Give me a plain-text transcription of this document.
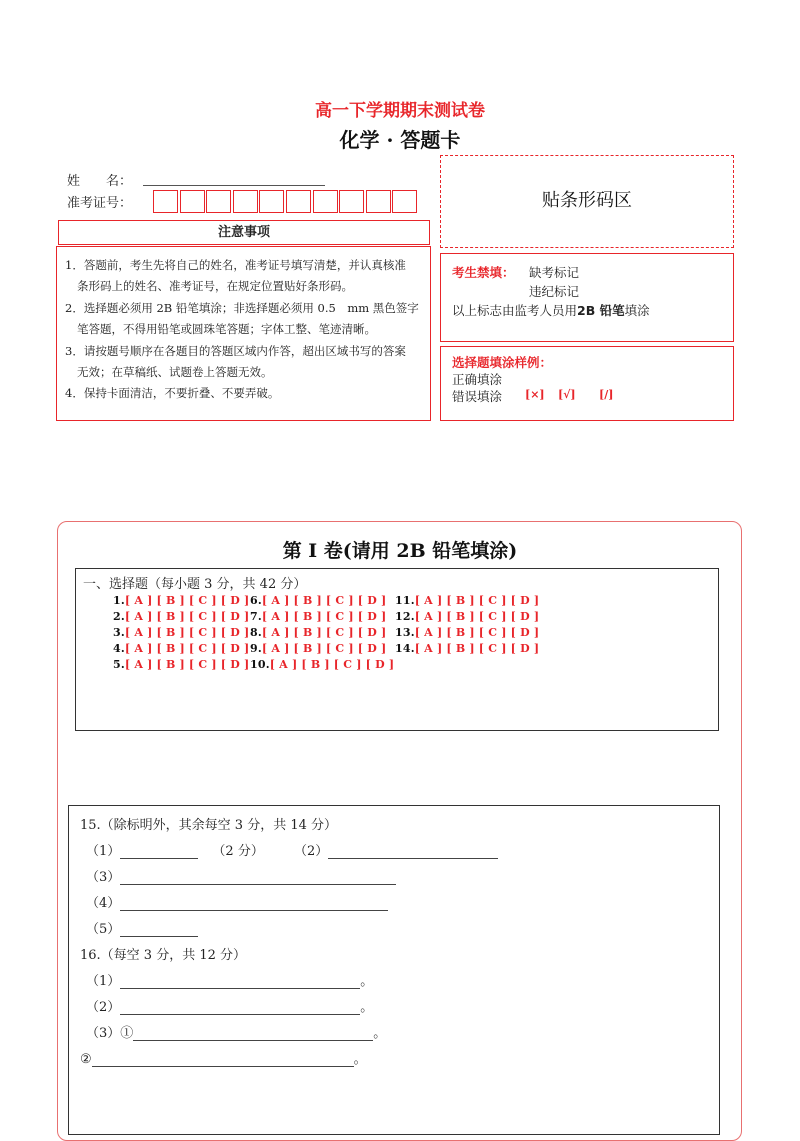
高一下学期期末测试卷
化学 · 答题卡
姓　　名：
准考证号：
注意事项
1．答题前，考生先将自己的姓名，准考证号填写清楚，并认真核准
条形码上的姓名、准考证号，在规定位置贴好条形码。
2．选择题必须用 2B 铅笔填涂；非选择题必须用 0.5　mm 黑色签字
笔答题，不得用铅笔或圆珠笔答题；字体工整、笔迹清晰。
3．请按题号顺序在各题目的答题区域内作答，超出区域书写的答案
无效；在草稿纸、试题卷上答题无效。
4．保持卡面清洁，不要折叠、不要弄破。
贴条形码区
考生禁填： 缺考标记
违纪标记
以上标志由监考人员用2B 铅笔填涂
选择题填涂样例：
正确填涂
错误填涂 [×] [√] [/]
第 I 卷(请用 2B 铅笔填涂)
一、选择题（每小题 3 分，共 42 分）
1.[ A ] [ B ] [ C ] [ D ]
2.[ A ] [ B ] [ C ] [ D ]
3.[ A ] [ B ] [ C ] [ D ]
4.[ A ] [ B ] [ C ] [ D ]
5.[ A ] [ B ] [ C ] [ D ]
6.[ A ] [ B ] [ C ] [ D ]
7.[ A ] [ B ] [ C ] [ D ]
8.[ A ] [ B ] [ C ] [ D ]
9.[ A ] [ B ] [ C ] [ D ]
10.[ A ] [ B ] [ C ] [ D ]
11.[ A ] [ B ] [ C ] [ D ]
12.[ A ] [ B ] [ C ] [ D ]
13.[ A ] [ B ] [ C ] [ D ]
14.[ A ] [ B ] [ C ] [ D ]
15.（除标明外，其余每空 3 分，共 14 分）
（1）	（2 分） （2）
（3）
（4）
（5）
16.（每空 3 分，共 12 分）
（1）	。
（2）	。
（3）①	。
②	。
